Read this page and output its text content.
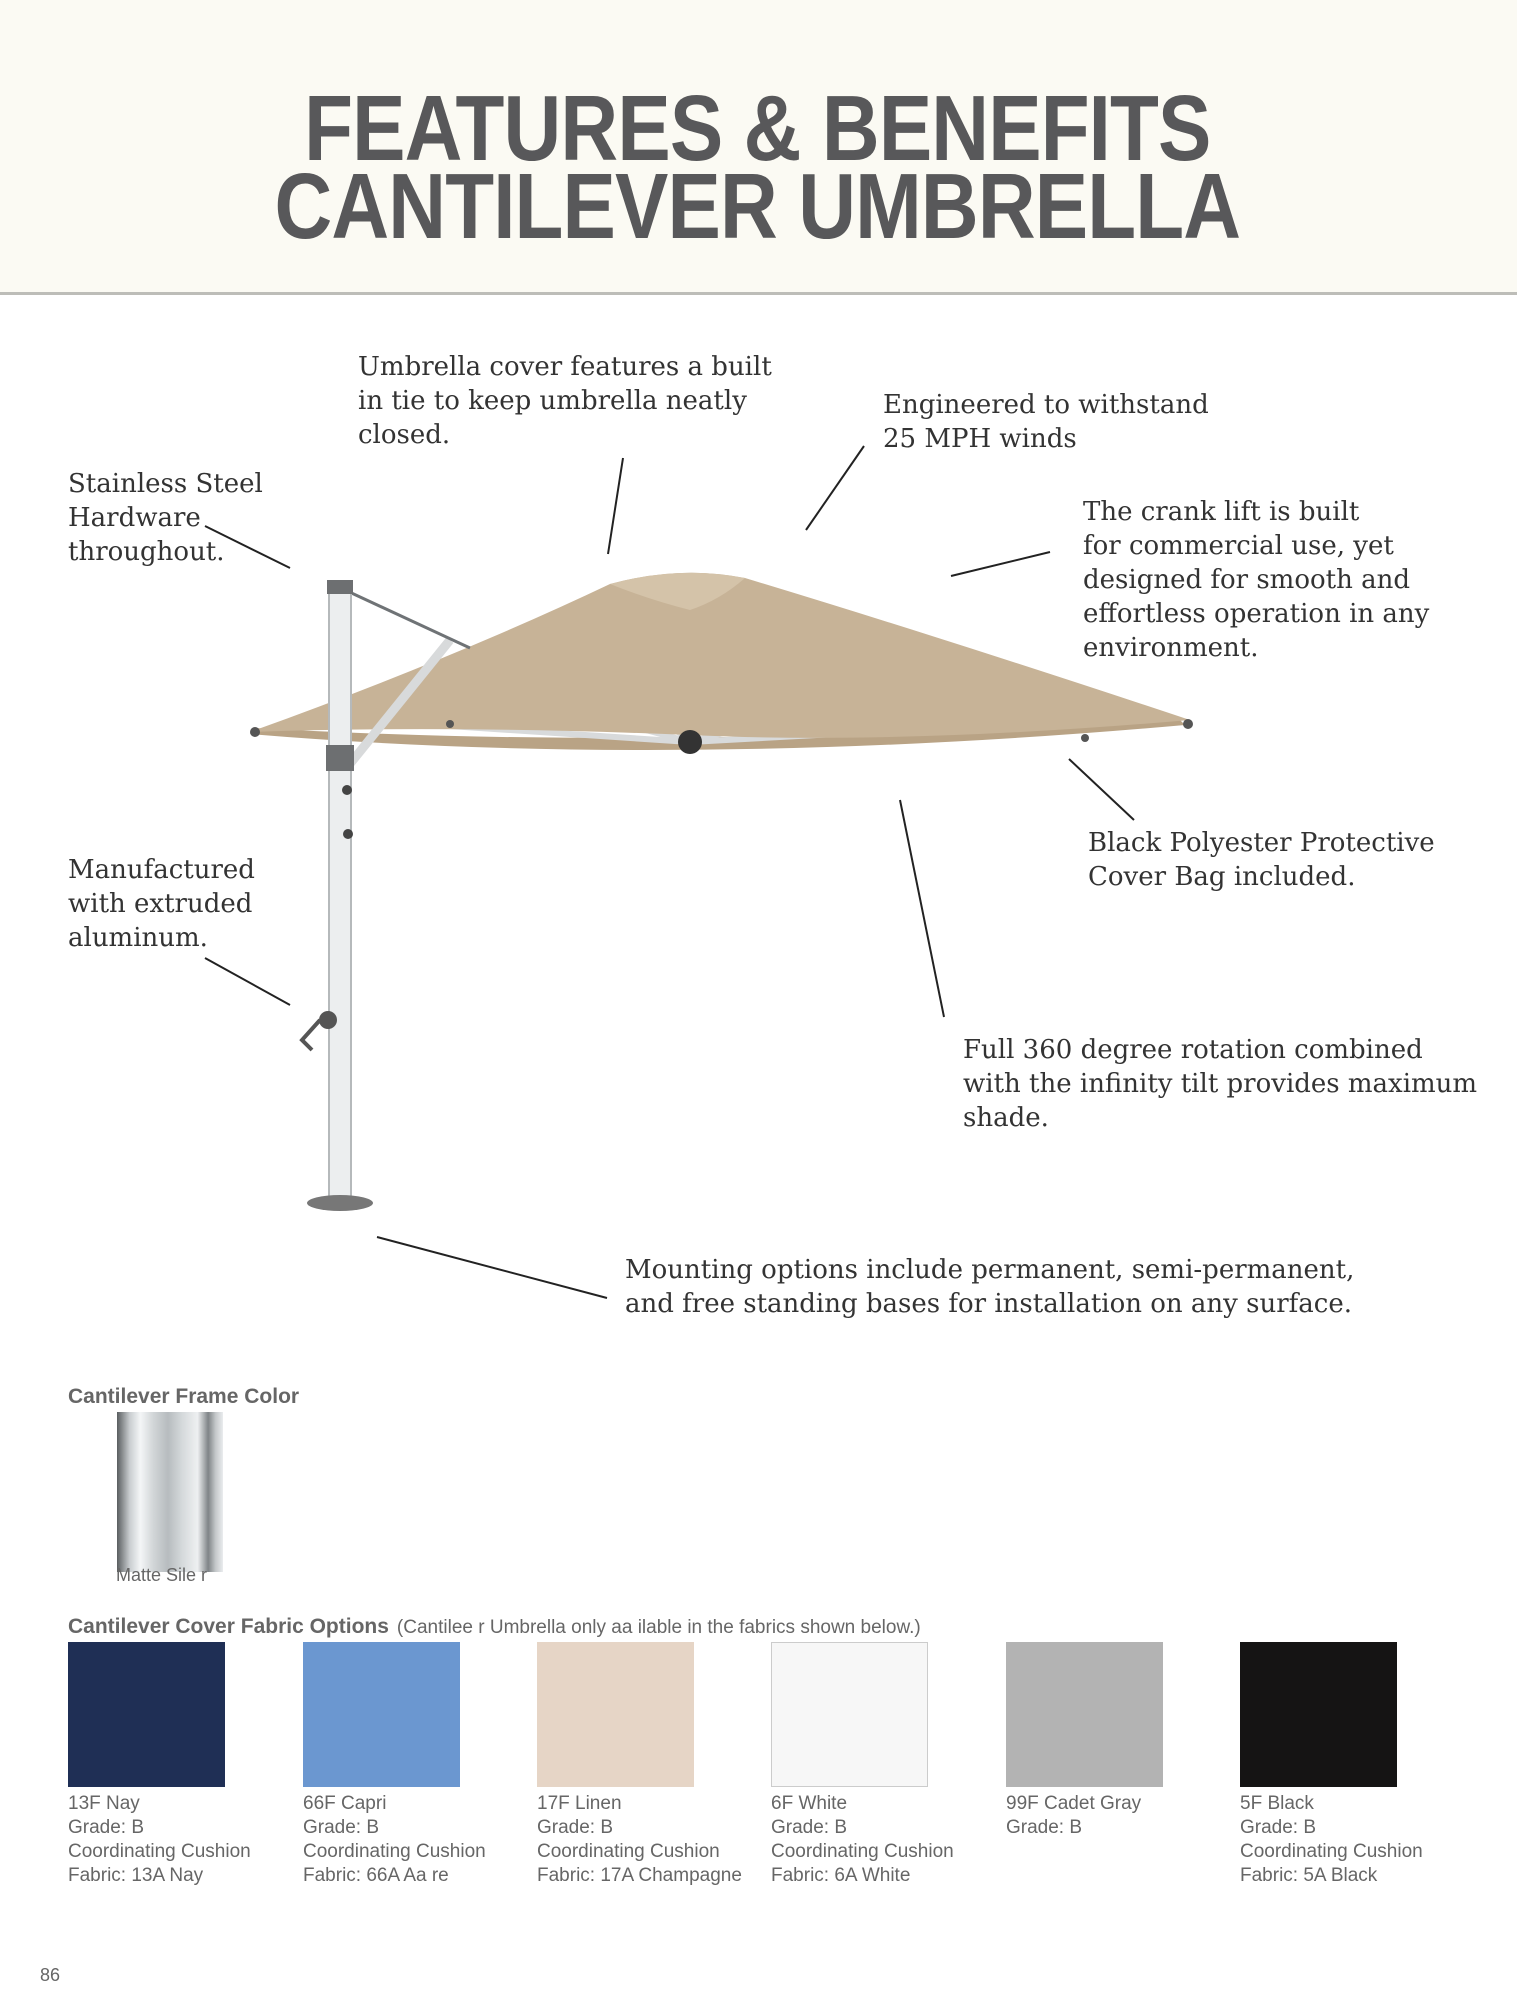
FEATURES & BENEFITS
CANTILEVER UMBRELLA
Umbrella cover features a built
in tie to keep umbrella neatly
closed.
Engineered to withstand
25 MPH winds
Stainless Steel
Hardware
throughout.
The crank lift is built
for commercial use, yet
designed for smooth and
effortless operation in any
environment.
Black Polyester Protective
Cover Bag included.
Manufactured
with extruded
aluminum.
Full 360 degree rotation combined
with the infinity tilt provides maximum
shade.
Mounting options include permanent, semi-permanent,
and free standing bases for installation on any surface.
Cantilever Frame Color
Matte Sile r
Cantilever Cover Fabric Options (Cantilee r Umbrella only aa ilable in the fabrics shown below.)
13F Nay
Grade: B
Coordinating Cushion
Fabric: 13A Nay
66F Capri
Grade: B
Coordinating Cushion
Fabric: 66A Aa re
17F Linen
Grade: B
Coordinating Cushion
Fabric: 17A Champagne
6F White
Grade: B
Coordinating Cushion
Fabric: 6A White
99F Cadet Gray
Grade: B
5F Black
Grade: B
Coordinating Cushion
Fabric: 5A Black
86
